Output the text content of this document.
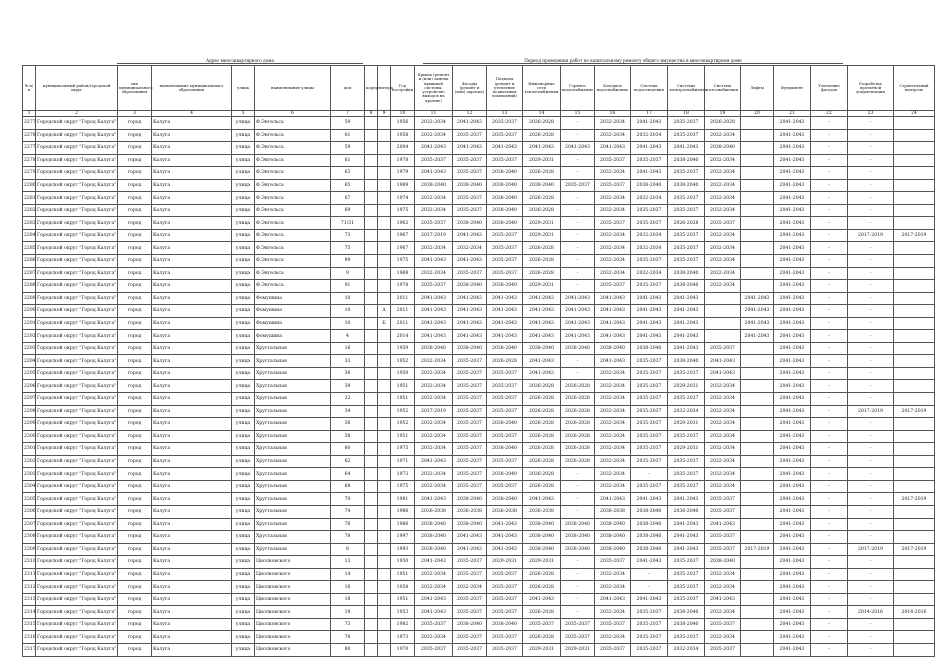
Адрес многоквартирного дома	Период проведения работ по капитальному ремонту общего имущества в многоквартирном доме
№ п/п	муниципальный район/городской округ	тип муниципального образования	наименование муниципального образования	улица	наименование улицы	дом	корпус	литера	Год постройки	Крыша (ремонт и (или) замена крышной системы, устройство выходов на кровлю)	Фасады (ремонт и (или) окраска)	Подвалы (ремонт и утепление подвальных помещений)	Инженерные сети теплоснабжения	Горячее водоснабжение	Холодное водоснабжение	Система водоотведения	Системы электроснабжения	Система газоснабжения	Лифты	Фундамент	Утепление фасадов	Разработка проектной документации	Строительный контроль
1	2	3	4	5	6	7	8	9	10	11	12	13	14	15	16	17	18	19	20	21	22	23	24
2277	Городской округ "Город Калуга"	город	Калуга	улица	Ф.Энгельса	59			1956	2032-2034	2041-2043	2035-2037	2026-2028	-	2032-2034	2041-2043	2035-2037	2026-2028		2041-2043	-	-	
2278	Городской округ "Город Калуга"	город	Калуга	улица	Ф.Энгельса	61			1958	2032-2034	2035-2037	2035-2037	2026-2028	-	2032-2034	2032-2034	2035-2037	2032-2034		2041-2043	-	-	
2277	Городской округ "Город Калуга"	город	Калуга	улица	Ф.Энгельса	59			2004	2041-2043	2041-2043	2041-2043	2041-2043	2041-2043	2041-2043	2041-2043	2041-2043	2038-2040		2041-2043	-	-	
2278	Городской округ "Город Калуга"	город	Калуга	улица	Ф.Энгельса	61			1978	2035-2037	2035-2037	2035-2037	2029-2031	-	2035-2037	2035-2037	2038-2040	2032-2034		2041-2043	-	-	
2279	Городской округ "Город Калуга"	город	Калуга	улица	Ф.Энгельса	63			1979	2041-2043	2035-2037	2038-2040	2026-2028	-	2032-2034	2041-2043	2035-2037	2032-2034		2041-2043	-	-	
2280	Городской округ "Город Калуга"	город	Калуга	улица	Ф.Энгельса	65			1989	2038-2040	2038-2040	2038-2040	2038-2040	2035-2037	2035-2037	2038-2040	2038-2040	2032-2034		2041-2043	-	-	
2281	Городской округ "Город Калуга"	город	Калуга	улица	Ф.Энгельса	67			1974	2032-2034	2035-2037	2038-2040	2026-2028	-	2032-2034	2032-2034	2035-2037	2032-2034		2041-2043	-	-	
2282	Городской округ "Город Калуга"	город	Калуга	улица	Ф.Энгельса	69			1975	2032-2034	2035-2037	2038-2040	2026-2028	-	2032-2034	2035-2037	2035-2037	2032-2034		2041-2043	-	-	
2283	Городской округ "Город Калуга"	город	Калуга	улица	Ф.Энгельса	71/31			1962	2035-2037	2038-2040	2038-2040	2029-2031	-	2035-2037	2035-2037	2026-2028	2035-2037		2041-2043	-	-	
2284	Городской округ "Город Калуга"	город	Калуга	улица	Ф.Энгельса	73			1967	2017-2019	2041-2043	2035-2037	2029-2031	-	2032-2034	2032-2034	2035-2037	2032-2034		2041-2043	-	2017-2019	2017-2019
2285	Городской округ "Город Калуга"	город	Калуга	улица	Ф.Энгельса	75			1967	2032-2034	2032-2034	2035-2037	2026-2028	-	2032-2034	2032-2034	2035-2037	2032-2034		2041-2043	-	-	
2286	Городской округ "Город Калуга"	город	Калуга	улица	Ф.Энгельса	89			1975	2041-2043	2041-2043	2035-2037	2026-2028	-	2032-2034	2035-2037	2035-2037	2032-2034		2041-2043	-	-	
2287	Городской округ "Город Калуга"	город	Калуга	улица	Ф.Энгельса	9			1968	2032-2034	2035-2037	2035-2037	2026-2028	-	2032-2034	2032-2034	2038-2040	2032-2034		2041-2043	-	-	
2288	Городской округ "Город Калуга"	город	Калуга	улица	Ф.Энгельса	91			1978	2035-2037	2038-2040	2038-2040	2029-2031	-	2035-2037	2035-2037	2038-2040	2032-2034		2041-2043	-	-	
2289	Городской округ "Город Калуга"	город	Калуга	улица	Фомушина	10			2011	2041-2043	2041-2043	2041-2043	2041-2043	2041-2043	2041-2043	2041-2043	2041-2043		2041-2043	2041-2043	-	-	
2290	Городской округ "Город Калуга"	город	Калуга	улица	Фомушина	10		А	2011	2041-2043	2041-2043	2041-2043	2041-2043	2041-2043	2041-2043	2041-2043	2041-2043		2041-2043	2041-2043	-	-	
2291	Городской округ "Город Калуга"	город	Калуга	улица	Фомушина	10		Б	2011	2041-2043	2041-2043	2041-2043	2041-2043	2041-2043	2041-2043	2041-2043	2041-2043		2041-2043	2041-2043	-	-	
2292	Городской округ "Город Калуга"	город	Калуга	улица	Фомушина	4			2014	2041-2043	2041-2043	2041-2043	2041-2043	2041-2043	2041-2043	2041-2043	2041-2043		2041-2043	2041-2043	-	-	
2293	Городской округ "Город Калуга"	город	Калуга	улица	Хрустальная	16			1959	2038-2040	2038-2040	2038-2040	2038-2040	2038-2040	2038-2040	2038-2040	2041-2043	2035-2037		2041-2043	-	-	
2294	Городской округ "Город Калуга"	город	Калуга	улица	Хрустальная	33			1952	2032-2034	2035-2037	2026-2028	2041-2043	-	2041-2043	2035-2037	2038-2040	2041-2043		2041-2043	-	-	
2295	Городской округ "Город Калуга"	город	Калуга	улица	Хрустальная	36			1950	2032-2034	2035-2037	2035-2037	2041-2043	-	2032-2034	2035-2037	2035-2037	2041-2043		2041-2043	-	-	
2296	Городской округ "Город Калуга"	город	Калуга	улица	Хрустальная	39			1951	2032-2034	2035-2037	2035-2037	2026-2028	2026-2028	2032-2034	2035-2037	2029-2031	2032-2034		2041-2043	-	-	
2297	Городской округ "Город Калуга"	город	Калуга	улица	Хрустальная	32			1951	2032-2034	2035-2037	2035-2037	2026-2028	2026-2028	2032-2034	2035-2037	2035-2037	2032-2034		2041-2043	-	-	
2298	Городской округ "Город Калуга"	город	Калуга	улица	Хрустальная	34			1952	2017-2019	2035-2037	2035-2037	2026-2028	2026-2028	2032-2034	2035-2037	2032-2034	2032-2034		2041-2043	-	2017-2019	2017-2019
2299	Городской округ "Город Калуга"	город	Калуга	улица	Хрустальная	36			1952	2032-2034	2035-2037	2038-2040	2026-2028	2026-2028	2032-2034	2035-2037	2029-2031	2032-2034		2041-2043	-	-	
2300	Городской округ "Город Калуга"	город	Калуга	улица	Хрустальная	38			1951	2032-2034	2035-2037	2035-2037	2026-2028	2026-2028	2032-2034	2035-2037	2035-2037	2032-2034		2041-2043	-	-	
2301	Городской округ "Город Калуга"	город	Калуга	улица	Хрустальная	60			1975	2032-2034	2035-2037	2038-2040	2026-2028	2026-2028	2032-2034	2035-2037	2029-2031	2032-2034		2041-2043	-	-	
2302	Городской округ "Город Калуга"	город	Калуга	улица	Хрустальная	62			1971	2041-2043	2035-2037	2035-2037	2026-2028	2026-2028	2032-2034	2035-2037	2035-2037	2032-2034		2041-2043	-	-	
2303	Городской округ "Город Калуга"	город	Калуга	улица	Хрустальная	64			1973	2032-2034	2035-2037	2038-2040	2026-2028	-	2032-2034	-	2035-2037	2032-2034		2041-2043	-	-	
2304	Городской округ "Город Калуга"	город	Калуга	улица	Хрустальная	68			1975	2032-2034	2035-2037	2035-2037	2026-2028	-	2032-2034	2035-2037	2035-2037	2032-2034		2041-2043	-	-	
2305	Городской округ "Город Калуга"	город	Калуга	улица	Хрустальная	70			1981	2041-2043	2038-2040	2038-2040	2041-2043	-	2041-2043	2041-2043	2041-2043	2035-2037		2041-2043	-	-	2017-2019
2306	Городской округ "Город Калуга"	город	Калуга	улица	Хрустальная	74			1986	2036-2038	2036-2038	2036-2038	2036-2038	-	2036-2038	2038-2040	2038-2040	2035-2037		2041-2043	-	-	
2307	Городской округ "Город Калуга"	город	Калуга	улица	Хрустальная	76			1986	2038-2040	2038-2040	2041-2043	2038-2040	2038-2040	2038-2040	2038-2040	2041-2043	2041-2043		2041-2043	-	-	
2308	Городской округ "Город Калуга"	город	Калуга	улица	Хрустальная	78			1997	2038-2040	2041-2043	2041-2043	2038-2040	2038-2040	2038-2040	2038-2040	2041-2043	2035-2037		2041-2043	-	-	
2309	Городской округ "Город Калуга"	город	Калуга	улица	Хрустальная	8			1993	2038-2040	2041-2043	2041-2043	2038-2040	2038-2040	2038-2040	2038-2040	2041-2043	2035-2037	2017-2019	2041-2043	-	2017-2019	2017-2019
2310	Городской округ "Город Калуга"	город	Калуга	улица	Циолковского	13			1950	2041-2043	2035-2037	2029-2031	2029-2031	-	2035-2037	2041-2043	2035-2037	2038-2040		2041-2043	-	-	
2311	Городской округ "Город Калуга"	город	Калуга	улица	Циолковского	14			1951	2032-2034	2035-2037	2035-2037	2026-2028	-	2032-2034	-	2035-2037	2032-2034		2041-2043	-	-	
2312	Городской округ "Город Калуга"	город	Калуга	улица	Циолковского	16			1958	2032-2034	2032-2034	2035-2037	2026-2028	-	2032-2034	-	2035-2037	2032-2034		2041-2043	-	-	
2313	Городской округ "Город Калуга"	город	Калуга	улица	Циолковского	18			1951	2041-2043	2035-2037	2035-2037	2041-2043	-	2041-2043	2041-2043	2035-2037	2041-2043		2041-2043	-	-	
2314	Городской округ "Город Калуга"	город	Калуга	улица	Циолковского	19			1953	2041-2043	2035-2037	2035-2037	2026-2028	-	2032-2034	2035-2037	2038-2040	2032-2034		2041-2043	-	2014-2016	2014-2016
2315	Городской округ "Город Калуга"	город	Калуга	улица	Циолковского	73			1982	2035-2037	2038-2040	2038-2040	2035-2037	2035-2037	2035-2037	2035-2037	2038-2040	2035-2037		2041-2043	-	-	
2316	Городской округ "Город Калуга"	город	Калуга	улица	Циолковского	76			1973	2032-2034	2035-2037	2035-2037	2026-2028	2035-2037	2032-2034	2035-2037	2035-2037	2032-2034		2041-2043	-	-	
2317	Городской округ "Город Калуга"	город	Калуга	улица	Циолковского	80			1970	2035-2037	2035-2037	2035-2037	2029-2031	2029-2031	2035-2037	2035-2037	2032-2034	2035-2037		2041-2043	-	-	
